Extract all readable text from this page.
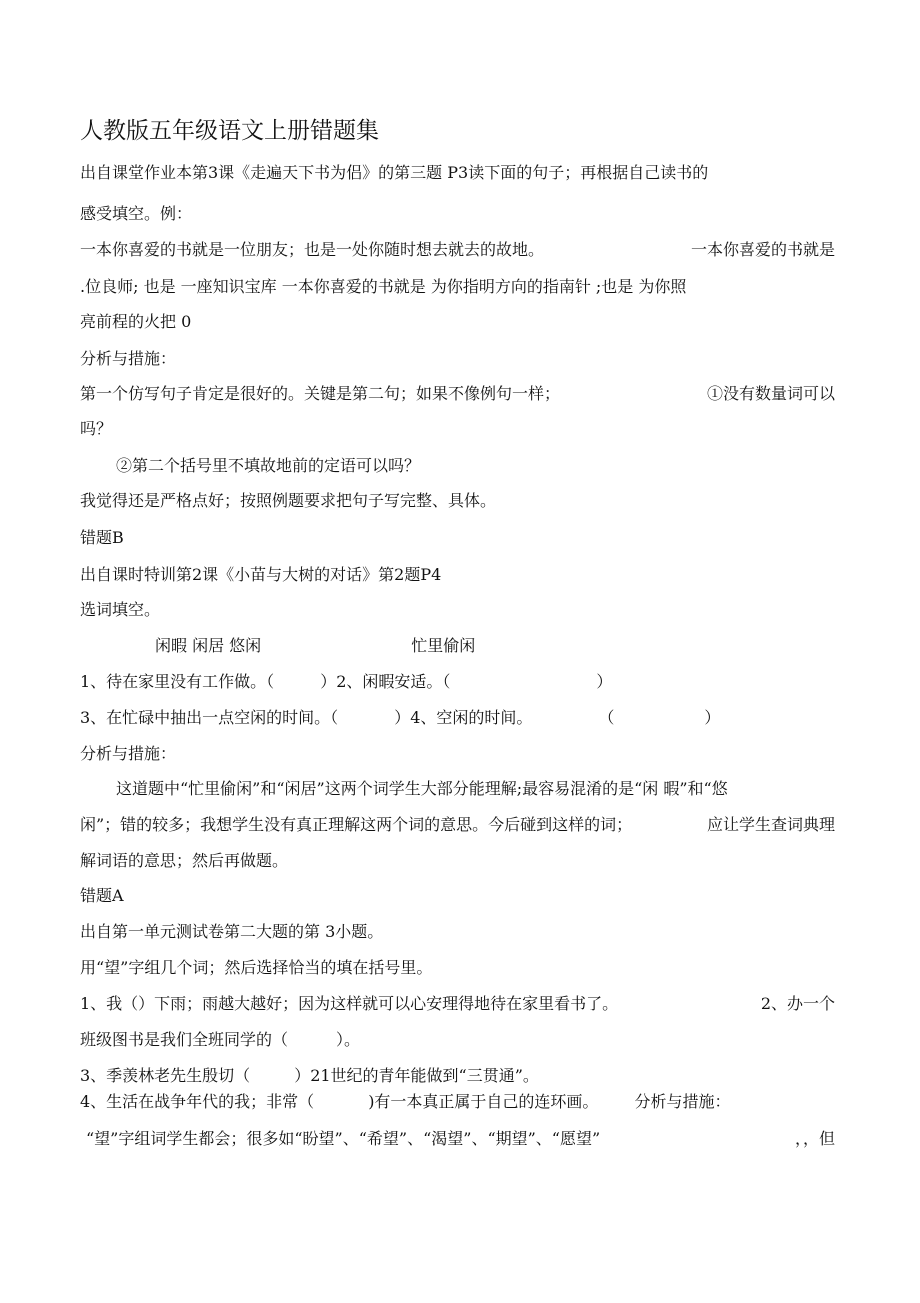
人教版五年级语文上册错题集

出自课堂作业本第3课《走遍天下书为侣》的第三题 P3读下面的句子；再根据自己读书的

感受填空。例：

一本你喜爱的书就是一位朋友；也是一处你随时想去就去的故地。	一本你喜爱的书就是

.位良师; 也是 一座知识宝库 一本你喜爱的书就是 为你指明方向的指南针 ;也是 为你照

亮前程的火把 0

分析与措施：

第一个仿写句子肯定是很好的。关键是第二句；如果不像例句一样；	①没有数量词可以

吗？

②第二个括号里不填故地前的定语可以吗？

我觉得还是严格点好；按照例题要求把句子写完整、具体。

错题B

出自课时特训第2课《小苗与大树的对话》第2题P4

选词填空。

闲暇 闲居 悠闲	忙里偷闲

1、待在家里没有工作做。（	）2、闲暇安适。（	）

3、在忙碌中抽出一点空闲的时间。（	）4、空闲的时间。	（	）

分析与措施：

这道题中“忙里偷闲”和“闲居”这两个词学生大部分能理解;最容易混淆的是“闲 暇”和“悠

闲”；错的较多；我想学生没有真正理解这两个词的意思。今后碰到这样的词；	应让学生查词典理

解词语的意思；然后再做题。

错题A

出自第一单元测试卷第二大题的第 3小题。

用“望”字组几个词；然后选择恰当的填在括号里。

1、我（）下雨；雨越大越好；因为这样就可以心安理得地待在家里看书了。	2、办一个

班级图书是我们全班同学的（　　　）。

3、季羡林老先生殷切（	）21世纪的青年能做到“三贯通”。

4、生活在战争年代的我；非常（	)有一本真正属于自己的连环画。 分析与措施：

“望”字组词学生都会；很多如“盼望”、“希望”、“渴望”、“期望”、“愿望”	，，但
